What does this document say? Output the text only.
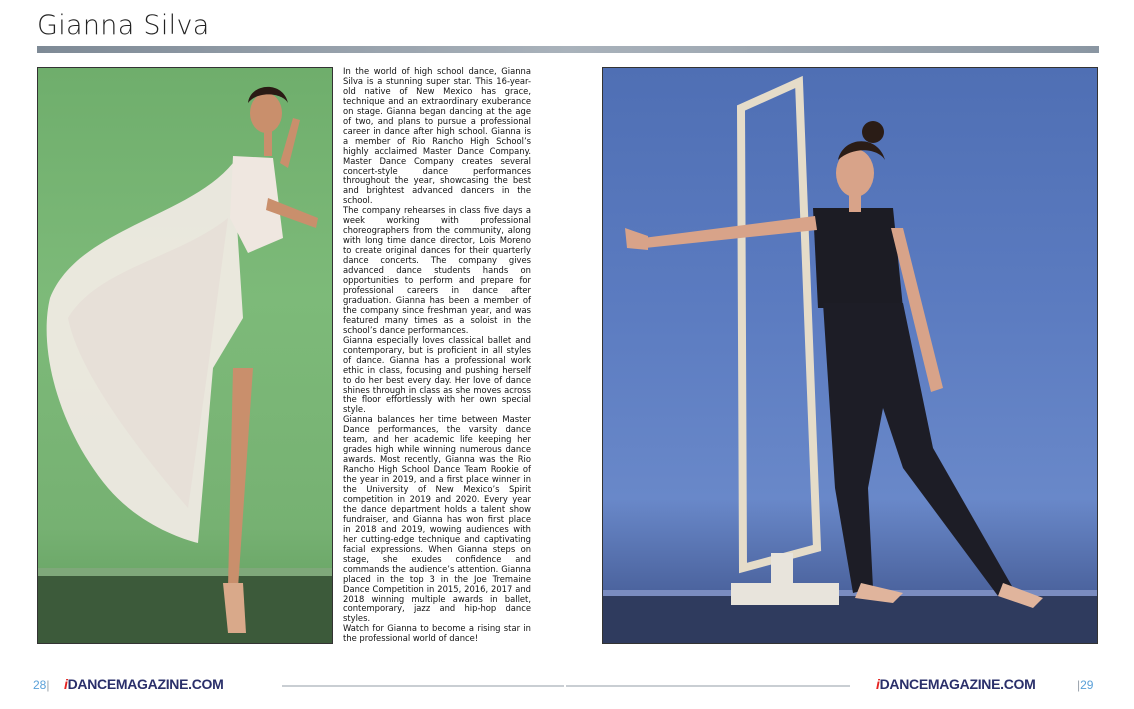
Gianna Silva

In the world of high school dance, Gianna Silva is a stunning super star. This 16-year-old native of New Mexico has grace, technique and an extraordinary exuberance on stage. Gianna began dancing at the age of two, and plans to pursue a professional career in dance after high school. Gianna is a member of Rio Rancho High School’s highly acclaimed Master Dance Company. Master Dance Company creates several concert-style dance performances throughout the year, showcasing the best and brightest advanced dancers in the school.

The company rehearses in class five days a week working with professional choreographers from the community, along with long time dance director, Lois Moreno to create original dances for their quarterly dance concerts. The company gives advanced dance students hands on opportunities to perform and prepare for professional careers in dance after graduation. Gianna has been a member of the company since freshman year, and was featured many times as a soloist in the school’s dance performances.

Gianna especially loves classical ballet and contemporary, but is proficient in all styles of dance. Gianna has a professional work ethic in class, focusing and pushing herself to do her best every day. Her love of dance shines through in class as she moves across the floor effortlessly with her own special style.

Gianna balances her time between Master Dance performances, the varsity dance team, and her academic life keeping her grades high while winning numerous dance awards. Most recently, Gianna was the Rio Rancho High School Dance Team Rookie of the year in 2019, and a first place winner in the University of New Mexico’s Spirit competition in 2019 and 2020. Every year the dance department holds a talent show fundraiser, and Gianna has won first place in 2018 and 2019, wowing audiences with her cutting-edge technique and captivating facial expressions. When Gianna steps on stage, she exudes confidence and commands the audience’s attention. Gianna placed in the top 3 in the Joe Tremaine Dance Competition in 2015, 2016, 2017 and 2018 winning multiple awards in ballet, contemporary, jazz and hip-hop dance styles.

Watch for Gianna to become a rising star in the professional world of dance!

28| iDANCEMAGAZINE.COM	iDANCEMAGAZINE.COM	|29
